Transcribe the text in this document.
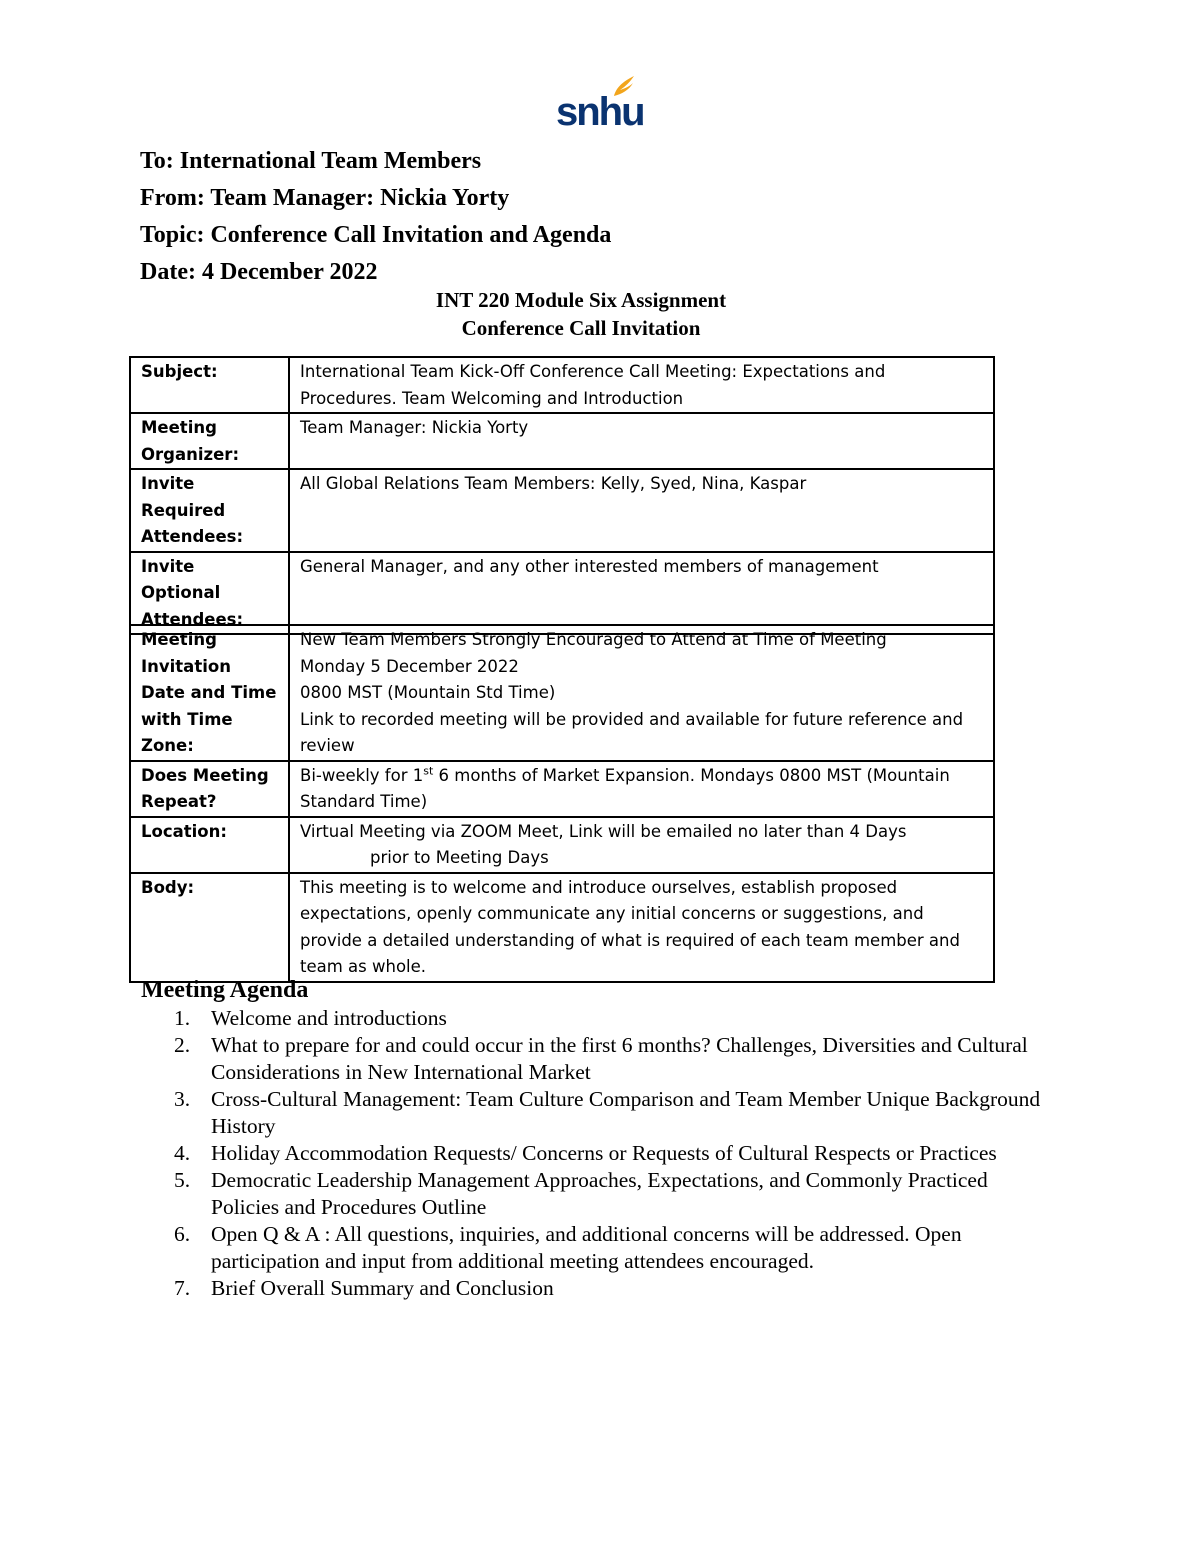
snhu
To: International Team Members
From: Team Manager: Nickia Yorty
Topic: Conference Call Invitation and Agenda
Date: 4 December 2022
INT 220 Module Six Assignment
Conference Call Invitation
Subject:	International Team Kick-Off Conference Call Meeting: Expectations and Procedures. Team Welcoming and Introduction
Meeting Organizer:	Team Manager: Nickia Yorty
Invite Required Attendees:	All Global Relations Team Members: Kelly, Syed, Nina, Kaspar
Invite Optional Attendees:	General Manager, and any other interested members of management
Meeting Invitation Date and Time with Time Zone:	New Team Members Strongly Encouraged to Attend at Time of Meeting
Monday 5 December 2022
0800 MST (Mountain Std Time)
Link to recorded meeting will be provided and available for future reference and review

Does Meeting Repeat?	Bi-weekly for 1st 6 months of Market Expansion. Mondays 0800 MST (Mountain Standard Time)
Location:	Virtual Meeting via ZOOM Meet, Link will be emailed no later than 4 Days
prior to Meeting Days

Body:	This meeting is to welcome and introduce ourselves, establish proposed expectations, openly communicate any initial concerns or suggestions, and provide a detailed understanding of what is required of each team member and team as whole.
Meeting Agenda
1. Welcome and introductions
2. What to prepare for and could occur in the first 6 months? Challenges, Diversities and Cultural Considerations in New International Market
3. Cross-Cultural Management: Team Culture Comparison and Team Member Unique Background History
4. Holiday Accommodation Requests/ Concerns or Requests of Cultural Respects or Practices
5. Democratic Leadership Management Approaches, Expectations, and Commonly Practiced Policies and Procedures Outline
6. Open Q & A : All questions, inquiries, and additional concerns will be addressed. Open participation and input from additional meeting attendees encouraged.
7. Brief Overall Summary and Conclusion
